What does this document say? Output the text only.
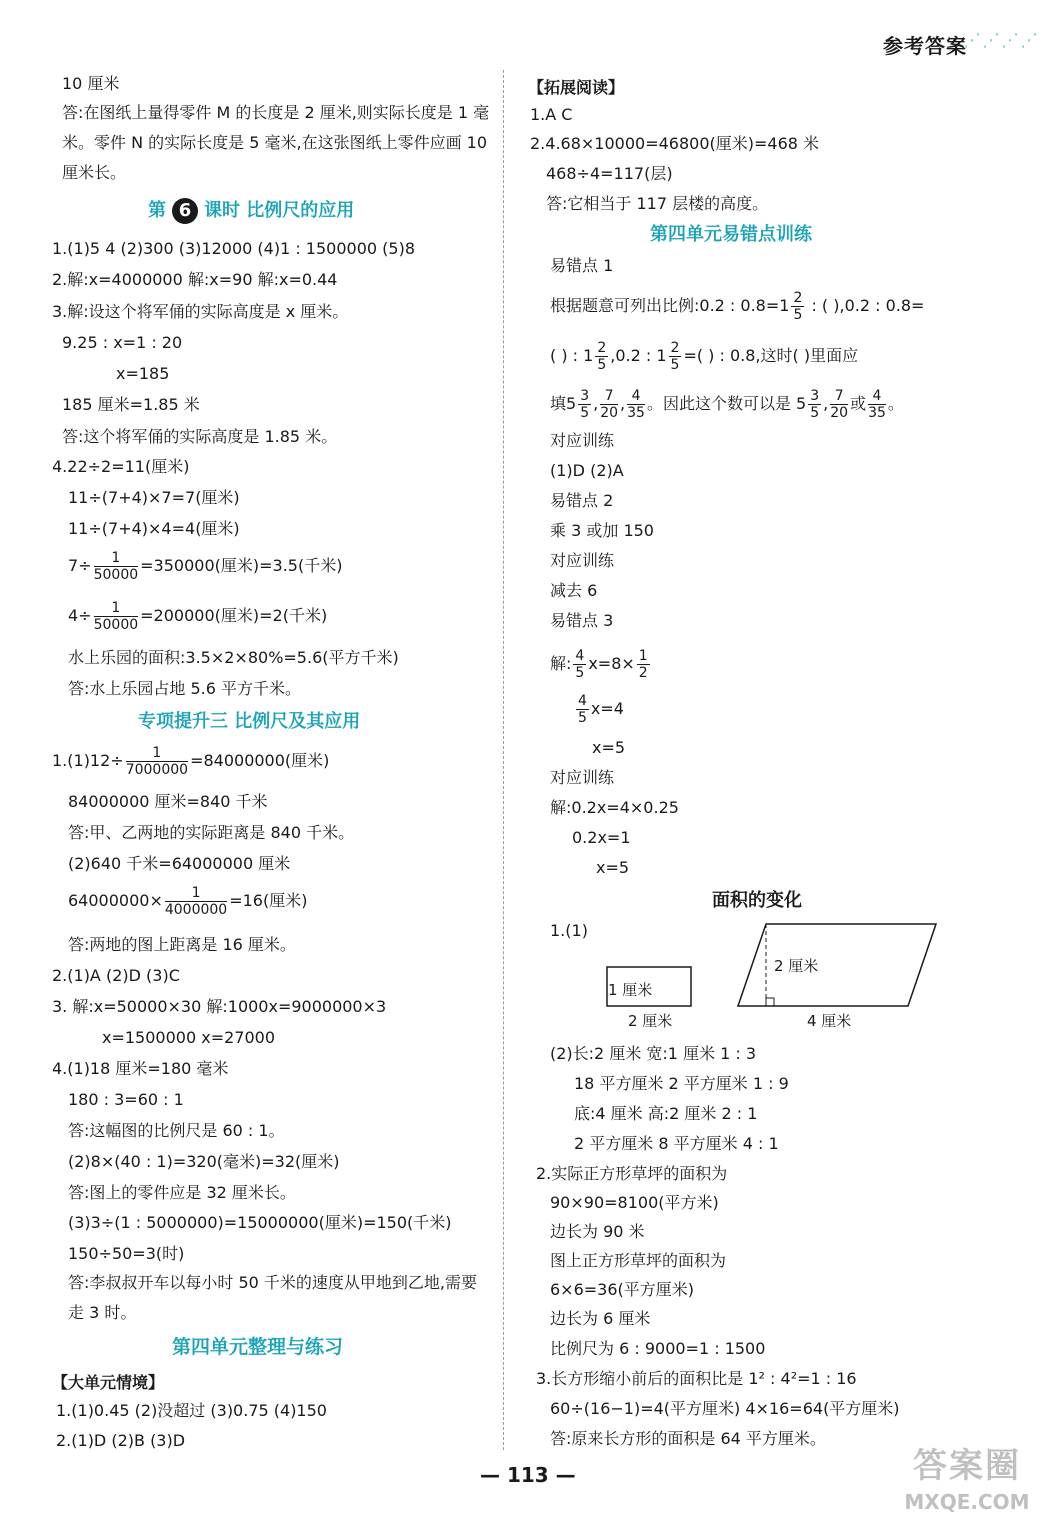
参考答案
⋰⋰⋰⋰
10 厘米
答:在图纸上量得零件 M 的长度是 2 厘米,则实际长度是 1 毫米。零件 N 的实际长度是 5 毫米,在这张图纸上零件应画 10 厘米长。
第 6 课时 比例尺的应用
1.(1)5 4 (2)300 (3)12000 (4)1 : 1500000 (5)8
2.解:x=4000000 解:x=90 解:x=0.44
3.解:设这个将军俑的实际高度是 x 厘米。
9.25 : x=1 : 20
x=185
185 厘米=1.85 米
答:这个将军俑的实际高度是 1.85 米。
4.22÷2=11(厘米)
11÷(7+4)×7=7(厘米)
11÷(7+4)×4=4(厘米)
$7\div \frac{1}{50000} =350000$(厘米)=3.5(千米)
$4\div \frac{1}{50000} =200000$(厘米)=2(千米)
水上乐园的面积:3.5×2×80%=5.6(平方千米)
答:水上乐园占地 5.6 平方千米。
专项提升三 比例尺及其应用
$1.(1)12\div \frac{1}{7000000} =84000000$(厘米)
84000000 厘米=840 千米
答:甲、乙两地的实际距离是 840 千米。
(2)640 千米=64000000 厘米
$64000000\times \frac{1}{4000000} =16$(厘米)
答:两地的图上距离是 16 厘米。
2.(1)A (2)D (3)C
3. 解:x=50000×30 解:1000x=9000000×3
x=1500000 x=27000
4.(1)18 厘米=180 毫米
180 : 3=60 : 1
答:这幅图的比例尺是 60 : 1。
(2)8×(40 : 1)=320(毫米)=32(厘米)
答:图上的零件应是 32 厘米长。
(3)3÷(1 : 5000000)=15000000(厘米)=150(千米)
150÷50=3(时)
答:李叔叔开车以每小时 50 千米的速度从甲地到乙地,需要走 3 时。
第四单元整理与练习
【大单元情境】
1.(1)0.45 (2)没超过 (3)0.75 (4)150
2.(1)D (2)B (3)D
【拓展阅读】
1.A C
2.4.68×10000=46800(厘米)=468 米
468÷4=117(层)
答:它相当于 117 层楼的高度。
第四单元易错点训练
易错点 1
根据题意可列出比例:0.2 : $0.8=1 \frac{2}{5}$ : ( ),0.2 : 0.8=
( ) : $1 \frac{2}{5} ,0.2$ : $1 \frac{2}{5}$ =( ) : 0.8,这时( )里面应
填$5 \frac{3}{5}$ , $\frac{7}{20}$ , $\frac{4}{35}$ 。因此这个数可以是 $5 \frac{3}{5}$ , $\frac{7}{20}$ 或 $\frac{4}{35}$ 。
对应训练
(1)D (2)A
易错点 2
乘 3 或加 150
对应训练
减去 6
易错点 3
解: $\frac{4}{5} x=8\times \frac{1}{2}$
$\frac{4}{5} x=4$
x=5
对应训练
解:0.2x=4×0.25
0.2x=1
x=5
面积的变化
1.(1)
1 厘米
2 厘米
2 厘米
4 厘米
(2)长:2 厘米 宽:1 厘米 1 : 3
18 平方厘米 2 平方厘米 1 : 9
底:4 厘米 高:2 厘米 2 : 1
2 平方厘米 8 平方厘米 4 : 1
2.实际正方形草坪的面积为
90×90=8100(平方米)
边长为 90 米
图上正方形草坪的面积为
6×6=36(平方厘米)
边长为 6 厘米
比例尺为 6 : 9000=1 : 1500
3.长方形缩小前后的面积比是 1² : 4²=1 : 16
60÷(16−1)=4(平方厘米) 4×16=64(平方厘米)
答:原来长方形的面积是 64 平方厘米。
— 113 —	答案圈
MXQE.COM
